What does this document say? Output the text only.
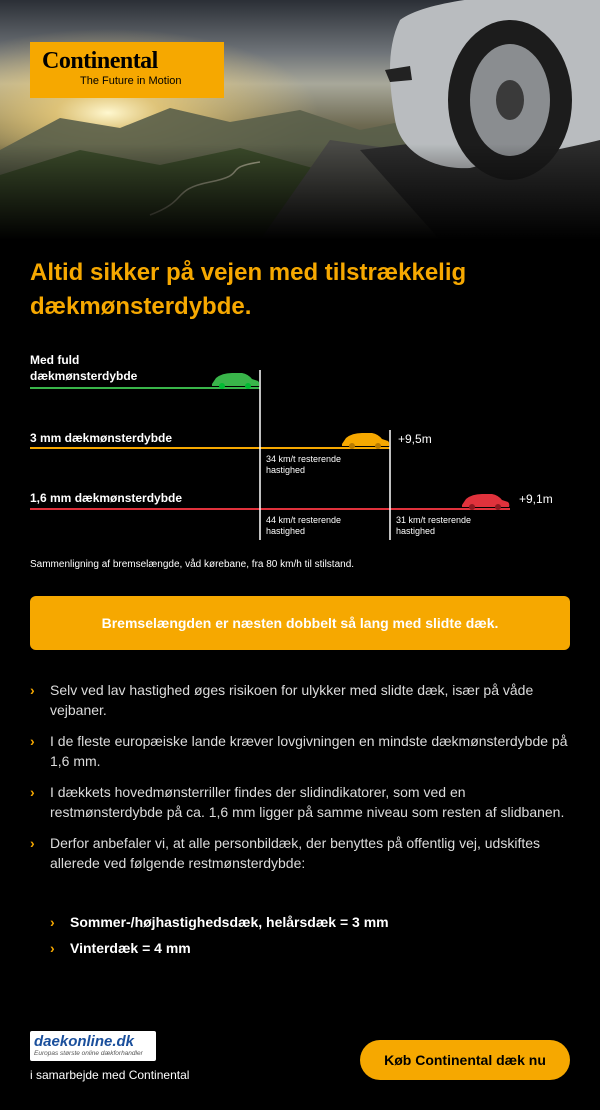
Continental
The Future in Motion
Altid sikker på vejen med tilstrækkelig dækmønsterdybde.
Med fuld dækmønsterdybde
3 mm dækmønsterdybde	+9,5m
34 km/t resterende hastighed
1,6 mm dækmønsterdybde	+9,1m
44 km/t resterende hastighed
31 km/t resterende hastighed
Sammenligning af bremselængde, våd kørebane, fra 80 km/h til stilstand.
Bremselængden er næsten dobbelt så lang med slidte dæk.
› Selv ved lav hastighed øges risikoen for ulykker med slidte dæk, især på våde vejbaner.
› I de fleste europæiske lande kræver lovgivningen en mindste dækmønsterdybde på 1,6 mm.
› I dækkets hovedmønsterriller findes der slidindikatorer, som ved en restmønsterdybde på ca. 1,6 mm ligger på samme niveau som resten af slidbanen.
› Derfor anbefaler vi, at alle personbildæk, der benyttes på offentlig vej, udskiftes allerede ved følgende restmønsterdybde:
› Sommer-/højhastighedsdæk, helårsdæk = 3 mm
› Vinterdæk = 4 mm
daekonline.dk
Europas største online dækforhandler
i samarbejde med Continental
Køb Continental dæk nu
